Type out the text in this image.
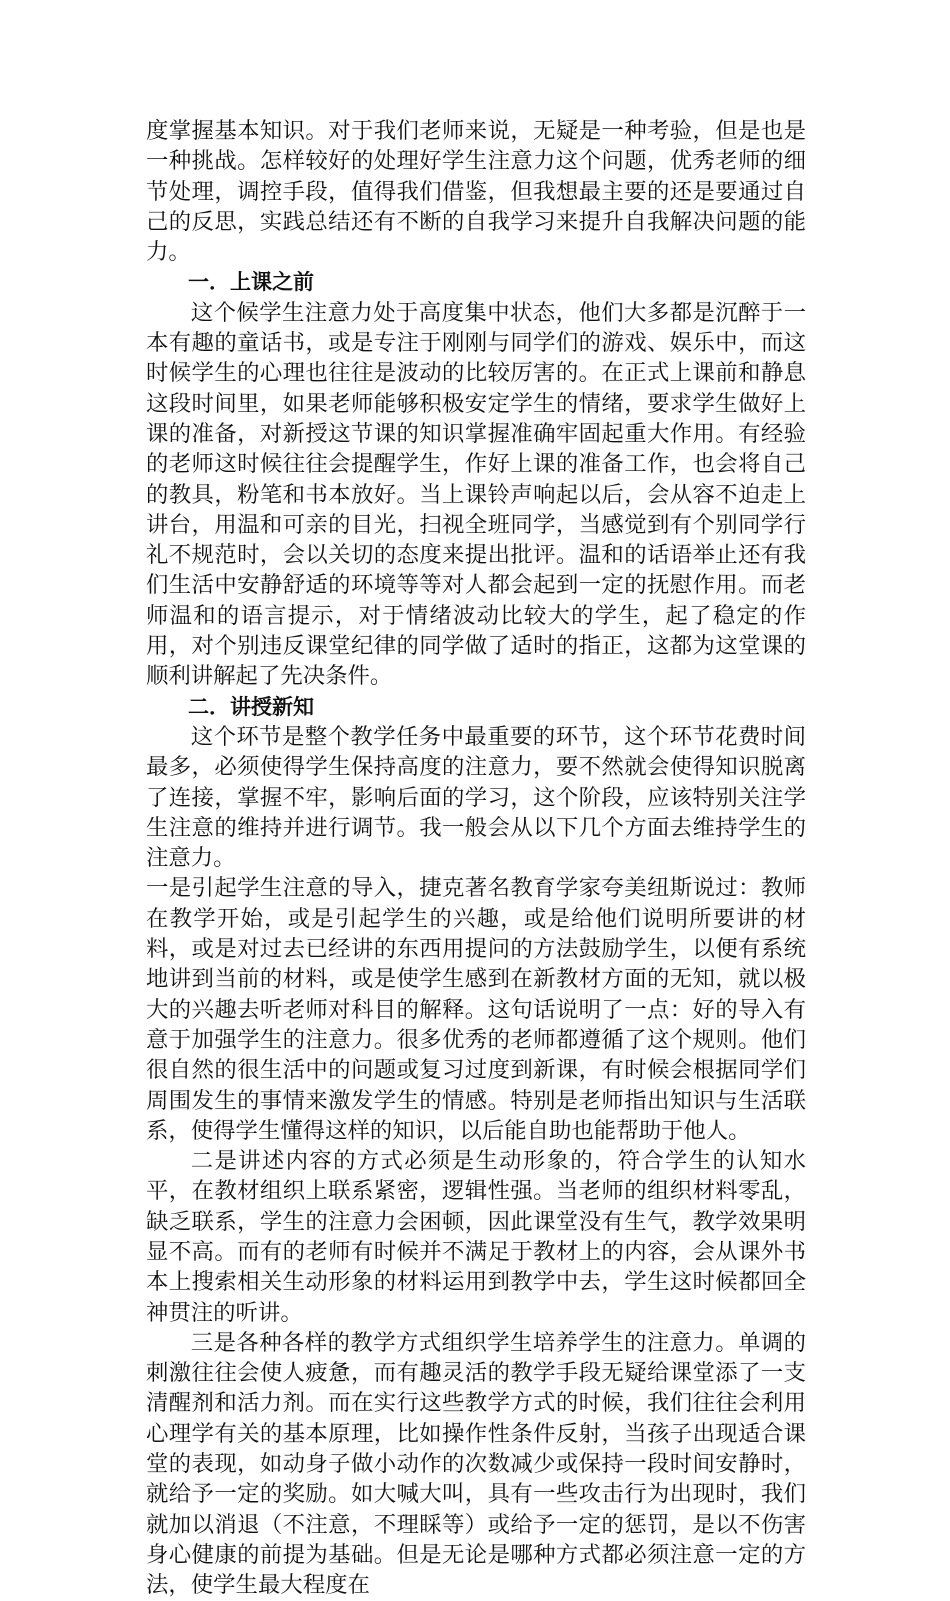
度掌握基本知识。对于我们老师来说，无疑是一种考验，但是也是一种挑战。怎样较好的处理好学生注意力这个问题，优秀老师的细节处理，调控手段，值得我们借鉴，但我想最主要的还是要通过自己的反思，实践总结还有不断的自我学习来提升自我解决问题的能力。

一．上课之前

这个候学生注意力处于高度集中状态，他们大多都是沉醉于一本有趣的童话书，或是专注于刚刚与同学们的游戏、娱乐中，而这时候学生的心理也往往是波动的比较厉害的。在正式上课前和静息这段时间里，如果老师能够积极安定学生的情绪，要求学生做好上课的准备，对新授这节课的知识掌握准确牢固起重大作用。有经验的老师这时候往往会提醒学生，作好上课的准备工作，也会将自己的教具，粉笔和书本放好。当上课铃声响起以后，会从容不迫走上讲台，用温和可亲的目光，扫视全班同学，当感觉到有个别同学行礼不规范时，会以关切的态度来提出批评。温和的话语举止还有我们生活中安静舒适的环境等等对人都会起到一定的抚慰作用。而老师温和的语言提示，对于情绪波动比较大的学生，起了稳定的作用，对个别违反课堂纪律的同学做了适时的指正，这都为这堂课的顺利讲解起了先决条件。

二．讲授新知

这个环节是整个教学任务中最重要的环节，这个环节花费时间最多，必须使得学生保持高度的注意力，要不然就会使得知识脱离了连接，掌握不牢，影响后面的学习，这个阶段，应该特别关注学生注意的维持并进行调节。我一般会从以下几个方面去维持学生的注意力。

一是引起学生注意的导入，捷克著名教育学家夸美纽斯说过：教师在教学开始，或是引起学生的兴趣，或是给他们说明所要讲的材料，或是对过去已经讲的东西用提问的方法鼓励学生，以便有系统地讲到当前的材料，或是使学生感到在新教材方面的无知，就以极大的兴趣去听老师对科目的解释。这句话说明了一点：好的导入有意于加强学生的注意力。很多优秀的老师都遵循了这个规则。他们很自然的很生活中的问题或复习过度到新课，有时候会根据同学们周围发生的事情来激发学生的情感。特别是老师指出知识与生活联系，使得学生懂得这样的知识，以后能自助也能帮助于他人。

二是讲述内容的方式必须是生动形象的，符合学生的认知水平，在教材组织上联系紧密，逻辑性强。当老师的组织材料零乱，缺乏联系，学生的注意力会困顿，因此课堂没有生气，教学效果明显不高。而有的老师有时候并不满足于教材上的内容，会从课外书本上搜索相关生动形象的材料运用到教学中去，学生这时候都回全神贯注的听讲。

三是各种各样的教学方式组织学生培养学生的注意力。单调的刺激往往会使人疲惫，而有趣灵活的教学手段无疑给课堂添了一支清醒剂和活力剂。而在实行这些教学方式的时候，我们往往会利用心理学有关的基本原理，比如操作性条件反射，当孩子出现适合课堂的表现，如动身子做小动作的次数减少或保持一段时间安静时，就给予一定的奖励。如大喊大叫，具有一些攻击行为出现时，我们就加以消退（不注意，不理睬等）或给予一定的惩罚，是以不伤害身心健康的前提为基础。但是无论是哪种方式都必须注意一定的方法，使学生最大程度在
